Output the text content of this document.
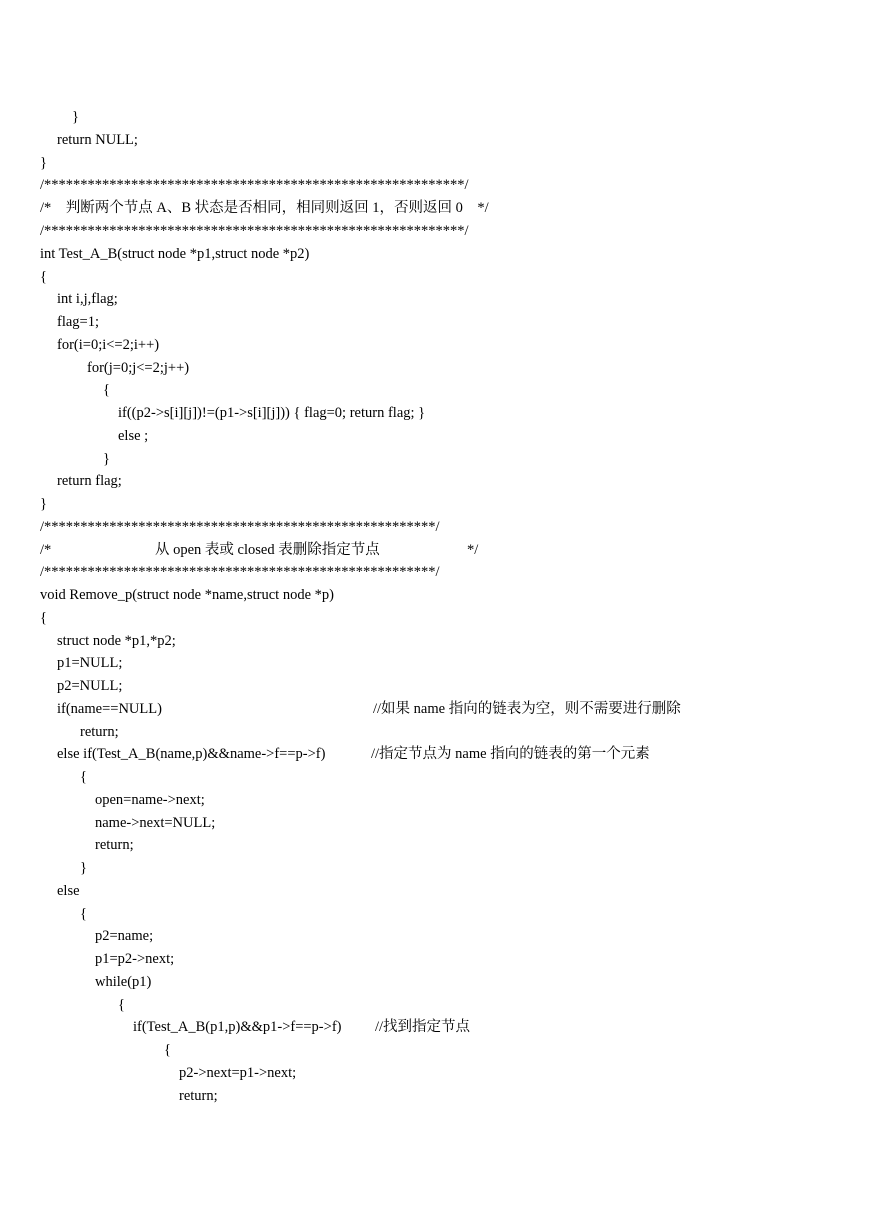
}
return NULL;
}
/**********************************************************/
/*    判断两个节点 A、B 状态是否相同，相同则返回 1，否则返回 0    */
/**********************************************************/
int Test_A_B(struct node *p1,struct node *p2)
{
int i,j,flag;
flag=1;
for(i=0;i<=2;i++)
for(j=0;j<=2;j++)
{
if((p2->s[i][j])!=(p1->s[i][j])) { flag=0; return flag; }
else ;
}
return flag;
}
/******************************************************/
/*	从 open 表或 closed 表删除指定节点	*/
/******************************************************/
void Remove_p(struct node *name,struct node *p)
{
struct node *p1,*p2;
p1=NULL;
p2=NULL;
if(name==NULL)	//如果 name 指向的链表为空，则不需要进行删除
return;
else if(Test_A_B(name,p)&&name->f==p->f)	//指定节点为 name 指向的链表的第一个元素
{
open=name->next;
name->next=NULL;
return;
}
else
{
p2=name;
p1=p2->next;
while(p1)
{
if(Test_A_B(p1,p)&&p1->f==p->f) //找到指定节点
{
p2->next=p1->next;
return;
